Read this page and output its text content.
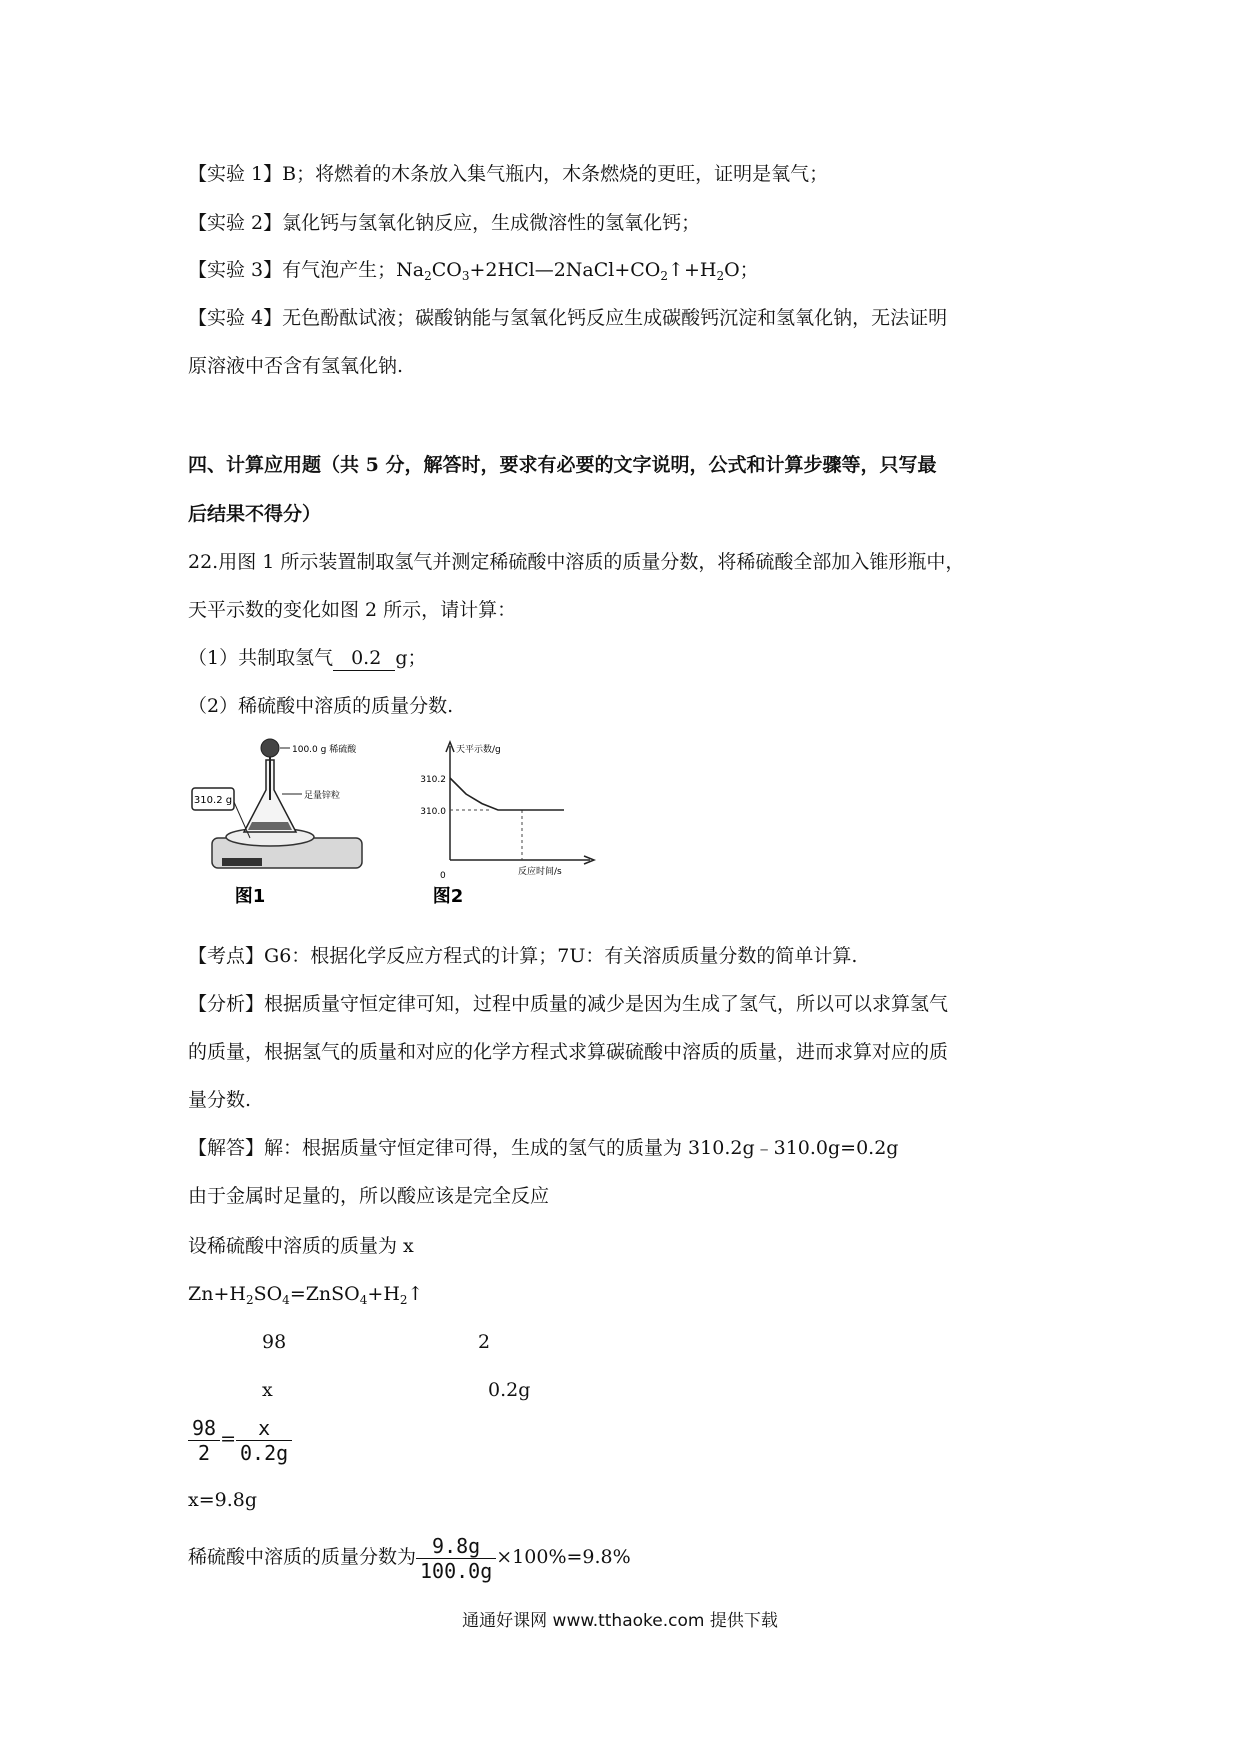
【实验 1】B；将燃着的木条放入集气瓶内，木条燃烧的更旺，证明是氧气；
【实验 2】氯化钙与氢氧化钠反应，生成微溶性的氢氧化钙；
【实验 3】有气泡产生；$Na_2CO_3+2HCl—2NaCl+CO_2↑+H_2O$；
【实验 4】无色酚酞试液；碳酸钠能与氢氧化钙反应生成碳酸钙沉淀和氢氧化钠，无法证明
原溶液中否含有氢氧化钠.
四、计算应用题（共 5 分，解答时，要求有必要的文字说明，公式和计算步骤等，只写最
后结果不得分）
22.用图 1 所示装置制取氢气并测定稀硫酸中溶质的质量分数，将稀硫酸全部加入锥形瓶中，
天平示数的变化如图 2 所示，请计算：
（1）共制取氢气 0.2 g；
（2）稀硫酸中溶质的质量分数.
310.2 g
100.0 g 稀硫酸
足量锌粒
图1
天平示数/g
反应时间/s
0
310.2
310.0
图2
【考点】G6：根据化学反应方程式的计算；7U：有关溶质质量分数的简单计算.
【分析】根据质量守恒定律可知，过程中质量的减少是因为生成了氢气，所以可以求算氢气
的质量，根据氢气的质量和对应的化学方程式求算碳硫酸中溶质的质量，进而求算对应的质
量分数.
【解答】解：根据质量守恒定律可得，生成的氢气的质量为 310.2g﹣310.0g=0.2g
由于金属时足量的，所以酸应该是完全反应
设稀硫酸中溶质的质量为 x
$Zn+H_2SO_4=ZnSO_4+H_2↑$
98	2
x	0.2g
$\frac{98}{2} = \frac{x}{0.2g}$
x=9.8g
稀硫酸中溶质的质量分数为 $\frac{9.8g}{100.0g} \times 100\%=9.8\%$
通通好课网 www.tthaoke.com 提供下载
